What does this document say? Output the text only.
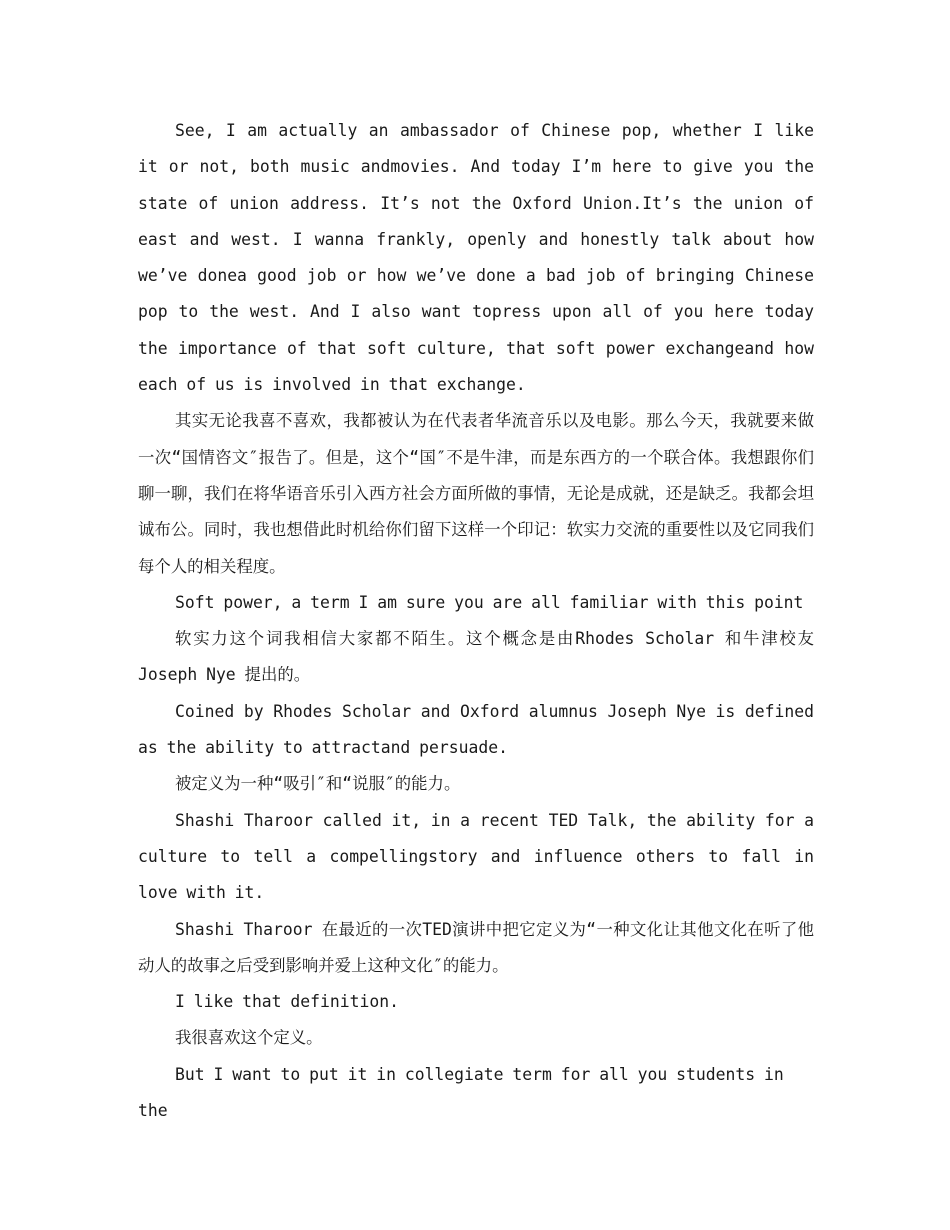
See, I am actually an ambassador of Chinese pop, whether I like it or not, both music andmovies. And today I’m here to give you the state of union address. It’s not the Oxford Union.It’s the union of east and west. I wanna frankly, openly and honestly talk about how we’ve donea good job or how we’ve done a bad job of bringing Chinese pop to the west. And I also want topress upon all of you here today the importance of that soft culture, that soft power exchangeand how each of us is involved in that exchange.

其实无论我喜不喜欢，我都被认为在代表者华流音乐以及电影。那么今天，我就要来做一次“国情咨文″报告了。但是，这个“国″不是牛津，而是东西方的一个联合体。我想跟你们聊一聊，我们在将华语音乐引入西方社会方面所做的事情，无论是成就，还是缺乏。我都会坦诚布公。同时，我也想借此时机给你们留下这样一个印记：软实力交流的重要性以及它同我们每个人的相关程度。

Soft power, a term I am sure you are all familiar with this point

软实力这个词我相信大家都不陌生。这个概念是由Rhodes Scholar 和牛津校友Joseph Nye 提出的。

Coined by Rhodes Scholar and Oxford alumnus Joseph Nye is defined as the ability to attractand persuade.

被定义为一种“吸引″和“说服″的能力。

Shashi Tharoor called it, in a recent TED Talk, the ability for a culture to tell a compellingstory and influence others to fall in love with it.

Shashi Tharoor 在最近的一次TED演讲中把它定义为“一种文化让其他文化在听了他动人的故事之后受到影响并爱上这种文化″的能力。

I like that definition.

我很喜欢这个定义。

But I want to put it in collegiate term for all you students in the
